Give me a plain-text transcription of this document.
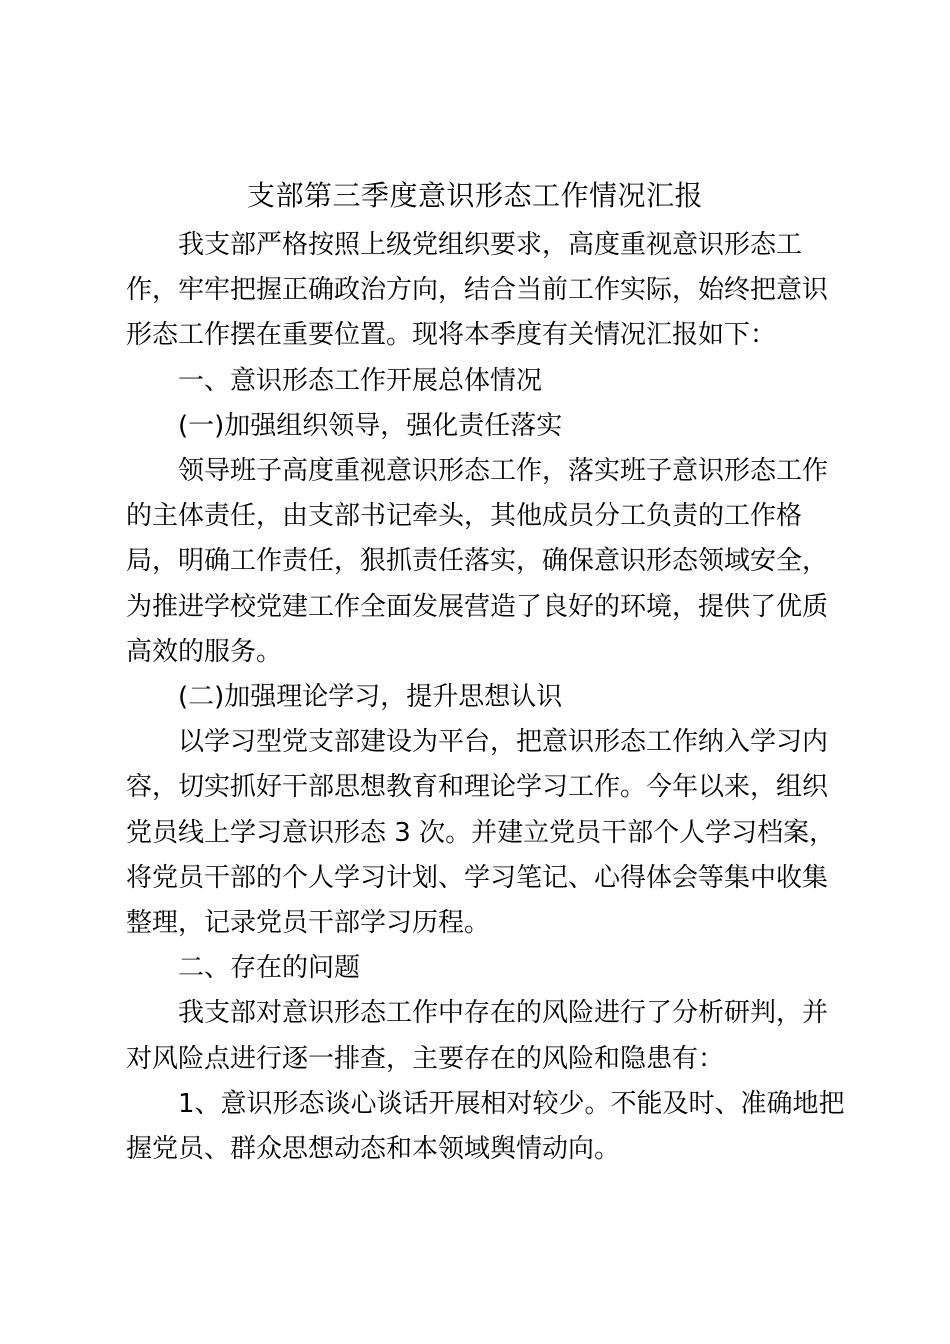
支部第三季度意识形态工作情况汇报
我支部严格按照上级党组织要求，高度重视意识形态工
作，牢牢把握正确政治方向，结合当前工作实际，始终把意识
形态工作摆在重要位置。现将本季度有关情况汇报如下：
一、意识形态工作开展总体情况
(一)加强组织领导，强化责任落实
领导班子高度重视意识形态工作，落实班子意识形态工作
的主体责任，由支部书记牵头，其他成员分工负责的工作格
局，明确工作责任，狠抓责任落实，确保意识形态领域安全，
为推进学校党建工作全面发展营造了良好的环境，提供了优质
高效的服务。
(二)加强理论学习，提升思想认识
以学习型党支部建设为平台，把意识形态工作纳入学习内
容，切实抓好干部思想教育和理论学习工作。今年以来，组织
党员线上学习意识形态 3 次。并建立党员干部个人学习档案，
将党员干部的个人学习计划、学习笔记、心得体会等集中收集
整理，记录党员干部学习历程。
二、存在的问题
我支部对意识形态工作中存在的风险进行了分析研判，并
对风险点进行逐一排查，主要存在的风险和隐患有：
1、意识形态谈心谈话开展相对较少。不能及时、准确地把
握党员、群众思想动态和本领域舆情动向。
